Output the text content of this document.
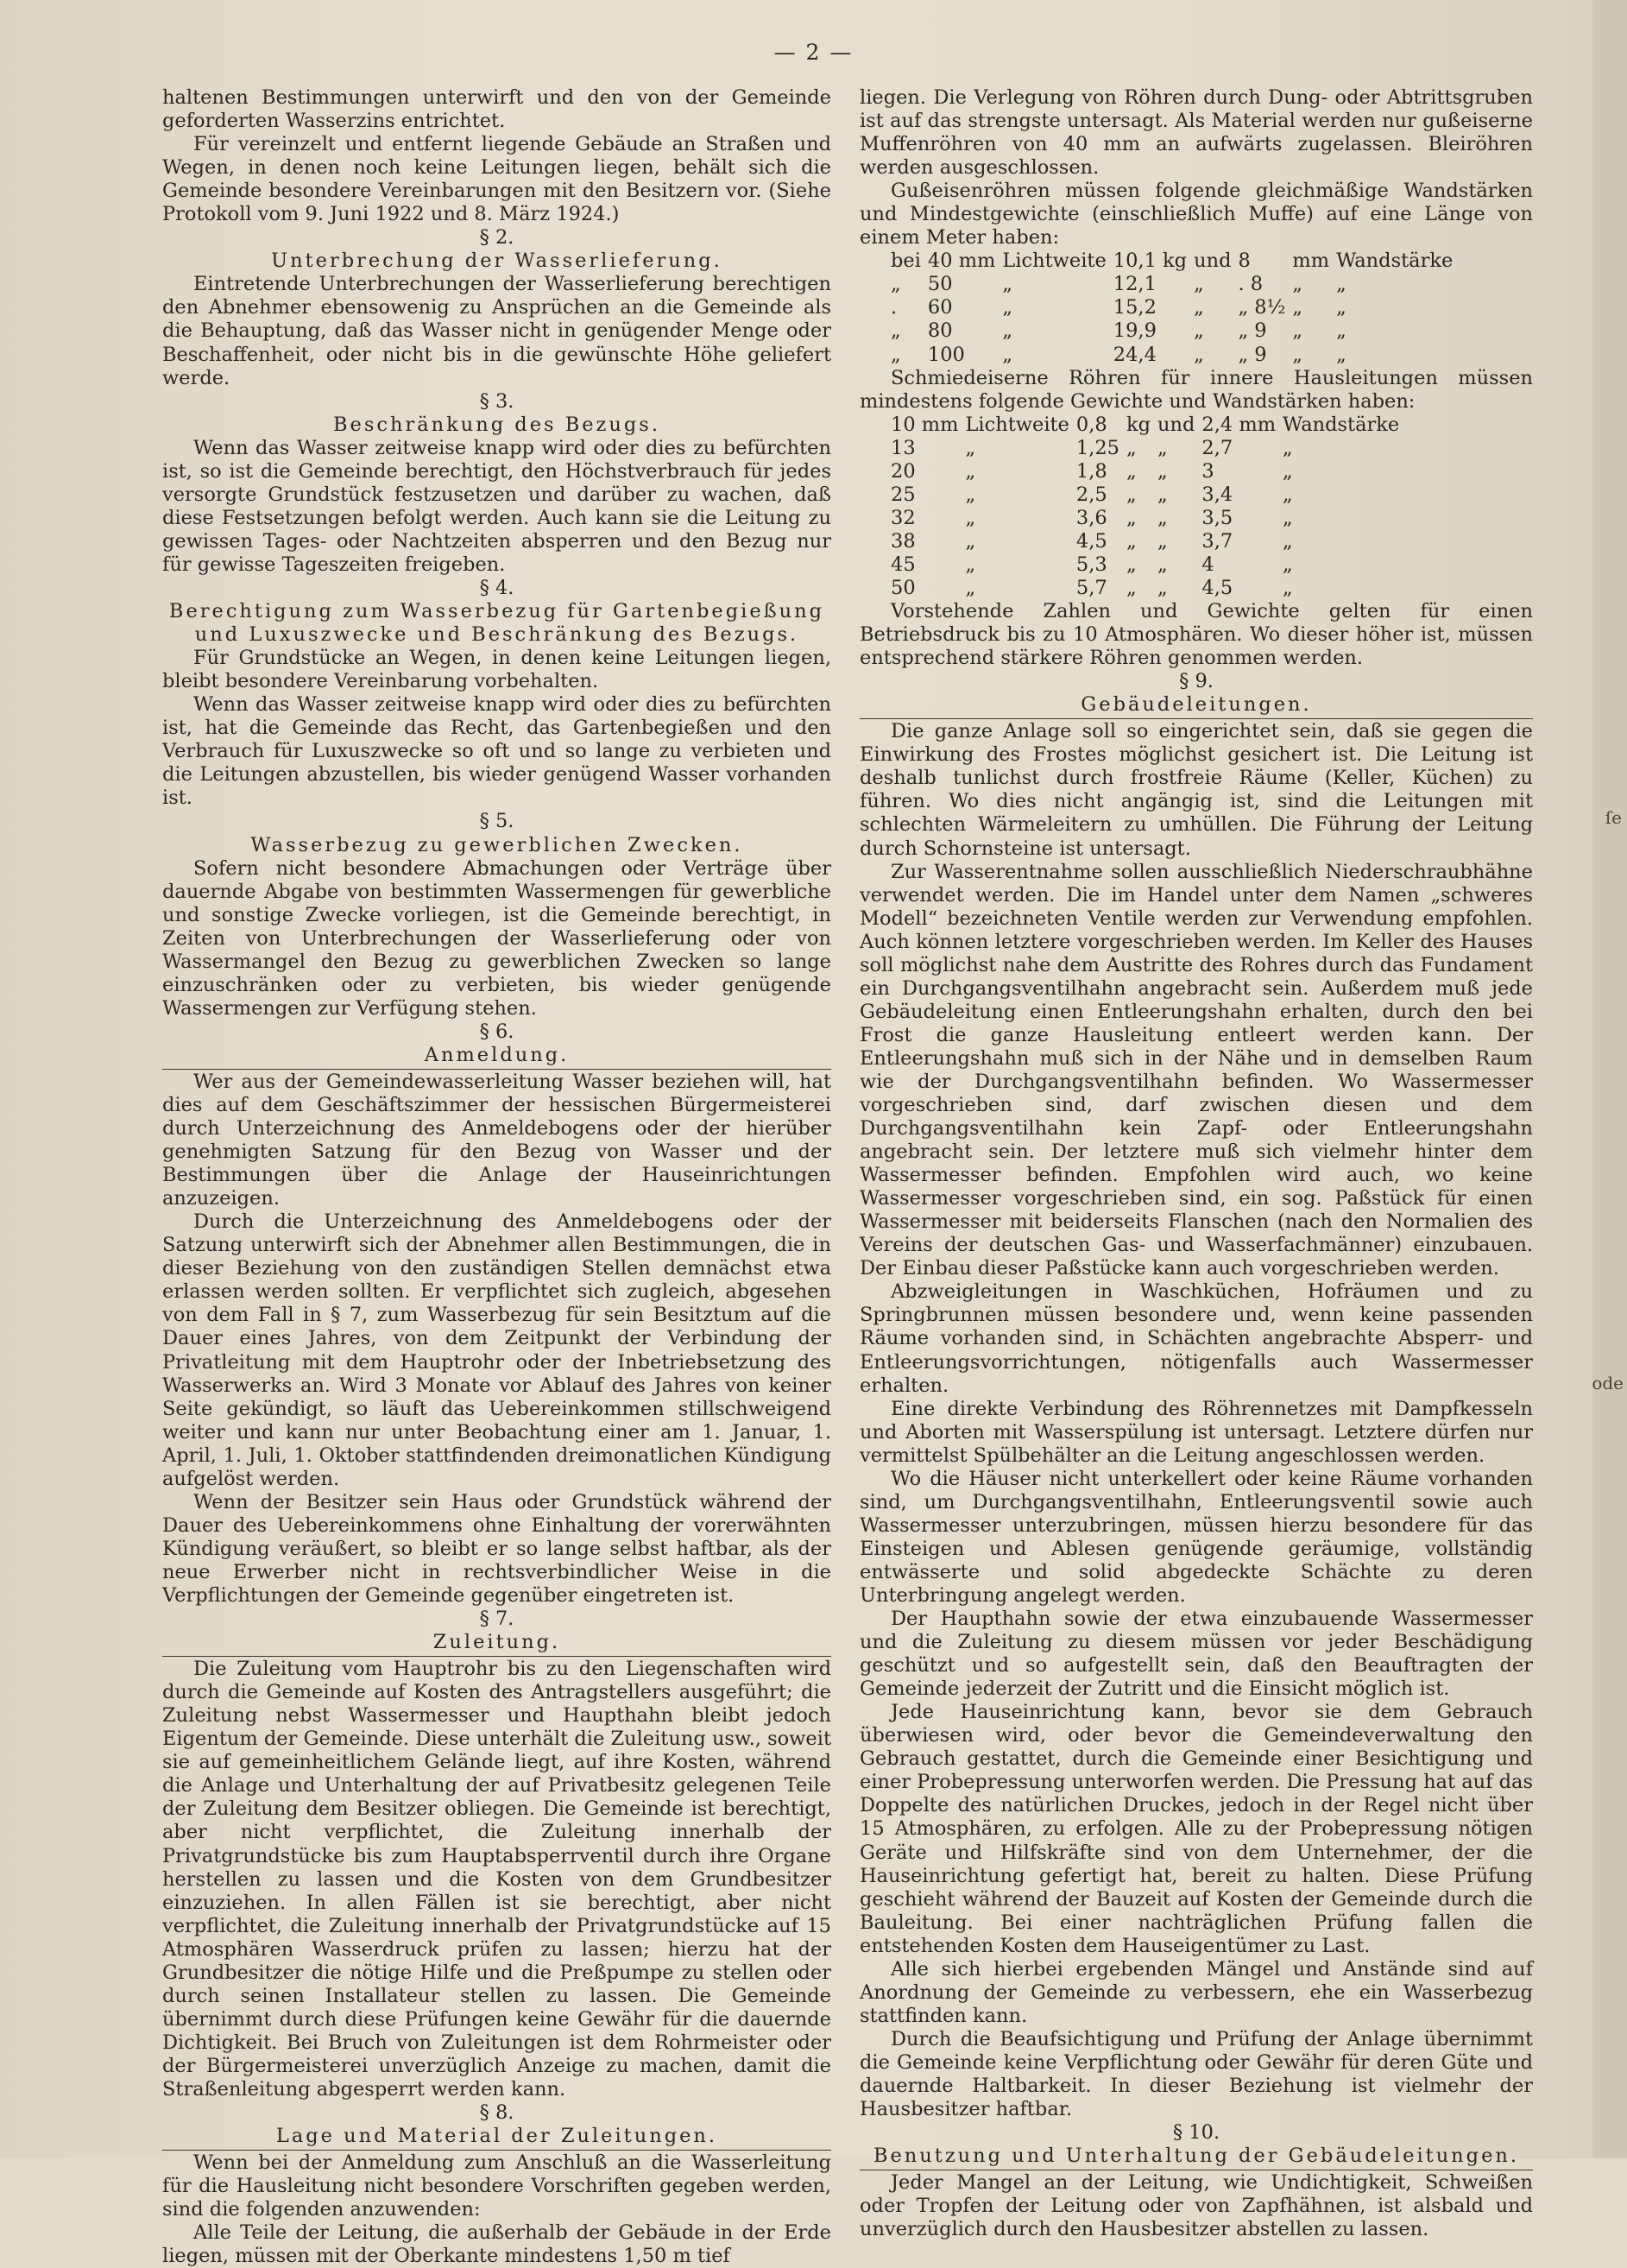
— 2 —
ſe
ode

haltenen Bestimmungen unterwirft und den von der Gemeinde geforderten Wasserzins entrichtet.

Für vereinzelt und entfernt liegende Gebäude an Straßen und Wegen, in denen noch keine Leitungen liegen, behält sich die Gemeinde besondere Vereinbarungen mit den Besitzern vor. (Siehe Protokoll vom 9. Juni 1922 und 8. März 1924.)

§ 2.
Unterbrechung der Wasserlieferung.

Eintretende Unterbrechungen der Wasserlieferung berechtigen den Abnehmer ebensowenig zu Ansprüchen an die Gemeinde als die Behauptung, daß das Wasser nicht in genügender Menge oder Beschaffenheit, oder nicht bis in die gewünschte Höhe geliefert werde.

§ 3.
Beschränkung des Bezugs.

Wenn das Wasser zeitweise knapp wird oder dies zu befürchten ist, so ist die Gemeinde berechtigt, den Höchstverbrauch für jedes versorgte Grundstück festzusetzen und darüber zu wachen, daß diese Festsetzungen befolgt werden. Auch kann sie die Leitung zu gewissen Tages- oder Nachtzeiten absperren und den Bezug nur für gewisse Tageszeiten freigeben.

§ 4.
Berechtigung zum Wasserbezug für Gartenbegießung und Luxuszwecke und Beschränkung des Bezugs.

Für Grundstücke an Wegen, in denen keine Leitungen liegen, bleibt besondere Vereinbarung vorbehalten.

Wenn das Wasser zeitweise knapp wird oder dies zu befürchten ist, hat die Gemeinde das Recht, das Gartenbegießen und den Verbrauch für Luxuszwecke so oft und so lange zu verbieten und die Leitungen abzustellen, bis wieder genügend Wasser vorhanden ist.

§ 5.
Wasserbezug zu gewerblichen Zwecken.

Sofern nicht besondere Abmachungen oder Verträge über dauernde Abgabe von bestimmten Wassermengen für gewerbliche und sonstige Zwecke vorliegen, ist die Gemeinde berechtigt, in Zeiten von Unterbrechungen der Wasserlieferung oder von Wassermangel den Bezug zu gewerblichen Zwecken so lange einzuschränken oder zu verbieten, bis wieder genügende Wassermengen zur Verfügung stehen.

§ 6.
Anmeldung.

Wer aus der Gemeindewasserleitung Wasser beziehen will, hat dies auf dem Geschäftszimmer der hessischen Bürgermeisterei durch Unterzeichnung des Anmeldebogens oder der hierüber genehmigten Satzung für den Bezug von Wasser und der Bestimmungen über die Anlage der Hauseinrichtungen anzuzeigen.

Durch die Unterzeichnung des Anmeldebogens oder der Satzung unterwirft sich der Abnehmer allen Bestimmungen, die in dieser Beziehung von den zuständigen Stellen demnächst etwa erlassen werden sollten. Er verpflichtet sich zugleich, abgesehen von dem Fall in § 7, zum Wasserbezug für sein Besitztum auf die Dauer eines Jahres, von dem Zeitpunkt der Verbindung der Privatleitung mit dem Hauptrohr oder der Inbetriebsetzung des Wasserwerks an. Wird 3 Monate vor Ablauf des Jahres von keiner Seite gekündigt, so läuft das Uebereinkommen stillschweigend weiter und kann nur unter Beobachtung einer am 1. Januar, 1. April, 1. Juli, 1. Oktober stattfindenden dreimonatlichen Kündigung aufgelöst werden.

Wenn der Besitzer sein Haus oder Grundstück während der Dauer des Uebereinkommens ohne Einhaltung der vorerwähnten Kündigung veräußert, so bleibt er so lange selbst haftbar, als der neue Erwerber nicht in rechtsverbindlicher Weise in die Verpflichtungen der Gemeinde gegenüber eingetreten ist.

§ 7.
Zuleitung.

Die Zuleitung vom Hauptrohr bis zu den Liegenschaften wird durch die Gemeinde auf Kosten des Antragstellers ausgeführt; die Zuleitung nebst Wassermesser und Haupthahn bleibt jedoch Eigentum der Gemeinde. Diese unterhält die Zuleitung usw., soweit sie auf gemeinheitlichem Gelände liegt, auf ihre Kosten, während die Anlage und Unterhaltung der auf Privatbesitz gelegenen Teile der Zuleitung dem Besitzer obliegen. Die Gemeinde ist berechtigt, aber nicht verpflichtet, die Zuleitung innerhalb der Privatgrundstücke bis zum Hauptabsperrventil durch ihre Organe herstellen zu lassen und die Kosten von dem Grundbesitzer einzuziehen. In allen Fällen ist sie berechtigt, aber nicht verpflichtet, die Zuleitung innerhalb der Privatgrundstücke auf 15 Atmosphären Wasserdruck prüfen zu lassen; hierzu hat der Grundbesitzer die nötige Hilfe und die Preßpumpe zu stellen oder durch seinen Installateur stellen zu lassen. Die Gemeinde übernimmt durch diese Prüfungen keine Gewähr für die dauernde Dichtigkeit. Bei Bruch von Zuleitungen ist dem Rohrmeister oder der Bürgermeisterei unverzüglich Anzeige zu machen, damit die Straßenleitung abgesperrt werden kann.

§ 8.
Lage und Material der Zuleitungen.

Wenn bei der Anmeldung zum Anschluß an die Wasserleitung für die Hausleitung nicht besondere Vorschriften gegeben werden, sind die folgenden anzuwenden:

Alle Teile der Leitung, die außerhalb der Gebäude in der Erde liegen, müssen mit der Oberkante mindestens 1,50 m tief

liegen. Die Verlegung von Röhren durch Dung- oder Abtrittsgruben ist auf das strengste untersagt. Als Material werden nur gußeiserne Muffenröhren von 40 mm an aufwärts zugelassen. Bleiröhren werden ausgeschlossen.

Gußeisenröhren müssen folgende gleichmäßige Wandstärken und Mindestgewichte (einschließlich Muffe) auf eine Länge von einem Meter haben:

bei	40 mm	Lichtweite	10,1 kg	und	8	mm	Wandstärke
„	50	„	12,1	„	. 8	„	„
.	60	„	15,2	„	„ 8½	„	„
„	80	„	19,9	„	„ 9	„	„
„	100	„	24,4	„	„ 9	„	„

Schmiedeiserne Röhren für innere Hausleitungen müssen mindestens folgende Gewichte und Wandstärken haben:

10 mm	Lichtweite	0,8	kg	und	2,4 mm	Wandstärke
13	„	1,25	„	„	2,7	„
20	„	1,8	„	„	3	„
25	„	2,5	„	„	3,4	„
32	„	3,6	„	„	3,5	„
38	„	4,5	„	„	3,7	„
45	„	5,3	„	„	4	„
50	„	5,7	„	„	4,5	„

Vorstehende Zahlen und Gewichte gelten für einen Betriebsdruck bis zu 10 Atmosphären. Wo dieser höher ist, müssen entsprechend stärkere Röhren genommen werden.

§ 9.
Gebäudeleitungen.

Die ganze Anlage soll so eingerichtet sein, daß sie gegen die Einwirkung des Frostes möglichst gesichert ist. Die Leitung ist deshalb tunlichst durch frostfreie Räume (Keller, Küchen) zu führen. Wo dies nicht angängig ist, sind die Leitungen mit schlechten Wärmeleitern zu umhüllen. Die Führung der Leitung durch Schornsteine ist untersagt.

Zur Wasserentnahme sollen ausschließlich Niederschraubhähne verwendet werden. Die im Handel unter dem Namen „schweres Modell“ bezeichneten Ventile werden zur Verwendung empfohlen. Auch können letztere vorgeschrieben werden. Im Keller des Hauses soll möglichst nahe dem Austritte des Rohres durch das Fundament ein Durchgangsventilhahn angebracht sein. Außerdem muß jede Gebäudeleitung einen Entleerungshahn erhalten, durch den bei Frost die ganze Hausleitung entleert werden kann. Der Entleerungshahn muß sich in der Nähe und in demselben Raum wie der Durchgangsventilhahn befinden. Wo Wassermesser vorgeschrieben sind, darf zwischen diesen und dem Durchgangsventilhahn kein Zapf- oder Entleerungshahn angebracht sein. Der letztere muß sich vielmehr hinter dem Wassermesser befinden. Empfohlen wird auch, wo keine Wassermesser vorgeschrieben sind, ein sog. Paßstück für einen Wassermesser mit beiderseits Flanschen (nach den Normalien des Vereins der deutschen Gas- und Wasserfachmänner) einzubauen. Der Einbau dieser Paßstücke kann auch vorgeschrieben werden.

Abzweigleitungen in Waschküchen, Hofräumen und zu Springbrunnen müssen besondere und, wenn keine passenden Räume vorhanden sind, in Schächten angebrachte Absperr- und Entleerungsvorrichtungen, nötigenfalls auch Wassermesser erhalten.

Eine direkte Verbindung des Röhrennetzes mit Dampfkesseln und Aborten mit Wasserspülung ist untersagt. Letztere dürfen nur vermittelst Spülbehälter an die Leitung angeschlossen werden.

Wo die Häuser nicht unterkellert oder keine Räume vorhanden sind, um Durchgangsventilhahn, Entleerungsventil sowie auch Wassermesser unterzubringen, müssen hierzu besondere für das Einsteigen und Ablesen genügende geräumige, vollständig entwässerte und solid abgedeckte Schächte zu deren Unterbringung angelegt werden.

Der Haupthahn sowie der etwa einzubauende Wassermesser und die Zuleitung zu diesem müssen vor jeder Beschädigung geschützt und so aufgestellt sein, daß den Beauftragten der Gemeinde jederzeit der Zutritt und die Einsicht möglich ist.

Jede Hauseinrichtung kann, bevor sie dem Gebrauch überwiesen wird, oder bevor die Gemeindeverwaltung den Gebrauch gestattet, durch die Gemeinde einer Besichtigung und einer Probepressung unterworfen werden. Die Pressung hat auf das Doppelte des natürlichen Druckes, jedoch in der Regel nicht über 15 Atmosphären, zu erfolgen. Alle zu der Probepressung nötigen Geräte und Hilfskräfte sind von dem Unternehmer, der die Hauseinrichtung gefertigt hat, bereit zu halten. Diese Prüfung geschieht während der Bauzeit auf Kosten der Gemeinde durch die Bauleitung. Bei einer nachträglichen Prüfung fallen die entstehenden Kosten dem Hauseigentümer zu Last.

Alle sich hierbei ergebenden Mängel und Anstände sind auf Anordnung der Gemeinde zu verbessern, ehe ein Wasserbezug stattfinden kann.

Durch die Beaufsichtigung und Prüfung der Anlage übernimmt die Gemeinde keine Verpflichtung oder Gewähr für deren Güte und dauernde Haltbarkeit. In dieser Beziehung ist vielmehr der Hausbesitzer haftbar.

§ 10.
Benutzung und Unterhaltung der Gebäudeleitungen.

Jeder Mangel an der Leitung, wie Undichtigkeit, Schweißen oder Tropfen der Leitung oder von Zapfhähnen, ist alsbald und unverzüglich durch den Hausbesitzer abstellen zu lassen.
